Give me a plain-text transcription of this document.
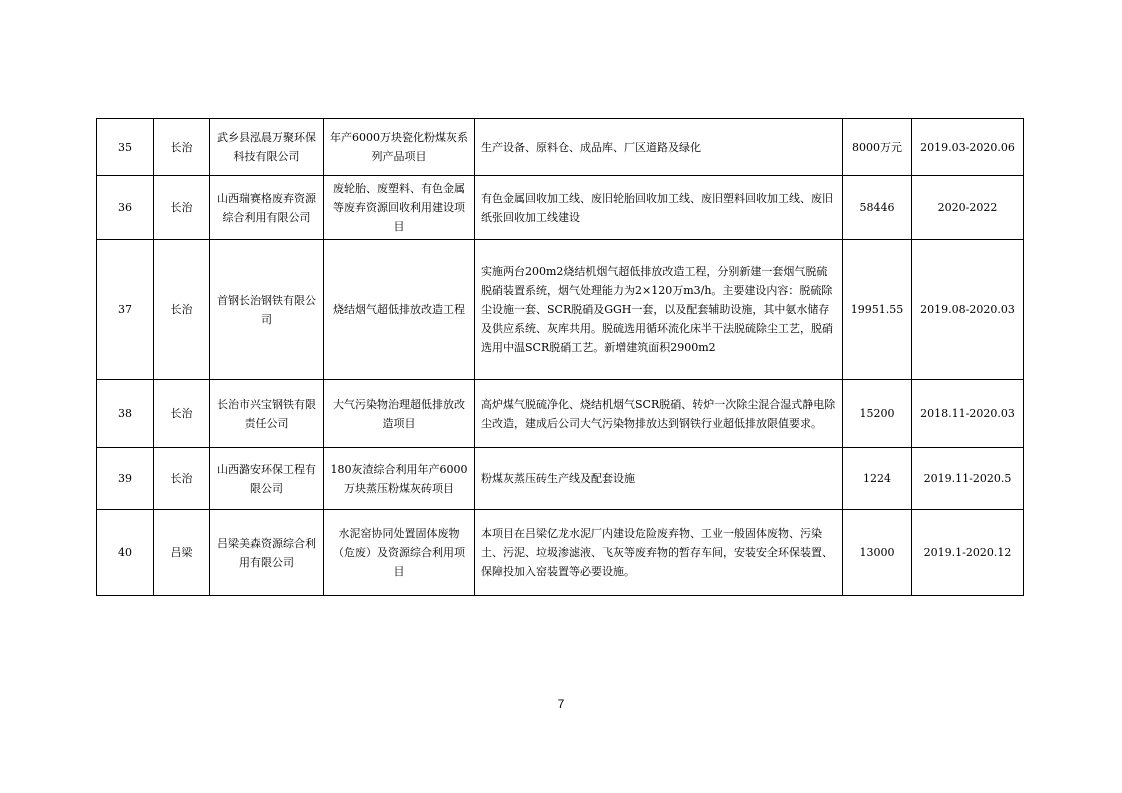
35	长治	武乡县泓晨万聚环保科技有限公司	年产6000万块瓷化粉煤灰系列产品项目	生产设备、原料仓、成品库、厂区道路及绿化	8000万元	2019.03-2020.06
36	长治	山西瑞赛格废弃资源综合利用有限公司	废轮胎、废塑料、有色金属等废弃资源回收利用建设项目	有色金属回收加工线、废旧轮胎回收加工线、废旧塑料回收加工线、废旧纸张回收加工线建设	58446	2020-2022
37	长治	首钢长治钢铁有限公司	烧结烟气超低排放改造工程	实施两台200m2烧结机烟气超低排放改造工程，分别新建一套烟气脱硫脱硝装置系统，烟气处理能力为2×120万m3/h。主要建设内容：脱硫除尘设施一套、SCR脱硝及GGH一套，以及配套辅助设施，其中氨水储存及供应系统、灰库共用。脱硫选用循环流化床半干法脱硫除尘工艺，脱硝选用中温SCR脱硝工艺。新增建筑面积2900m2	19951.55	2019.08-2020.03
38	长治	长治市兴宝钢铁有限责任公司	大气污染物治理超低排放改造项目	高炉煤气脱硫净化、烧结机烟气SCR脱硝、转炉一次除尘混合湿式静电除尘改造，建成后公司大气污染物排放达到钢铁行业超低排放限值要求。	15200	2018.11-2020.03
39	长治	山西潞安环保工程有限公司	180灰渣综合利用年产6000万块蒸压粉煤灰砖项目	粉煤灰蒸压砖生产线及配套设施	1224	2019.11-2020.5
40	吕梁	吕梁美森资源综合利用有限公司	水泥窑协同处置固体废物（危废）及资源综合利用项目	本项目在吕梁亿龙水泥厂内建设危险废弃物、工业一般固体废物、污染土、污泥、垃圾渗滤液、飞灰等废弃物的暂存车间，安装安全环保装置、保障投加入窑装置等必要设施。	13000	2019.1-2020.12
7
